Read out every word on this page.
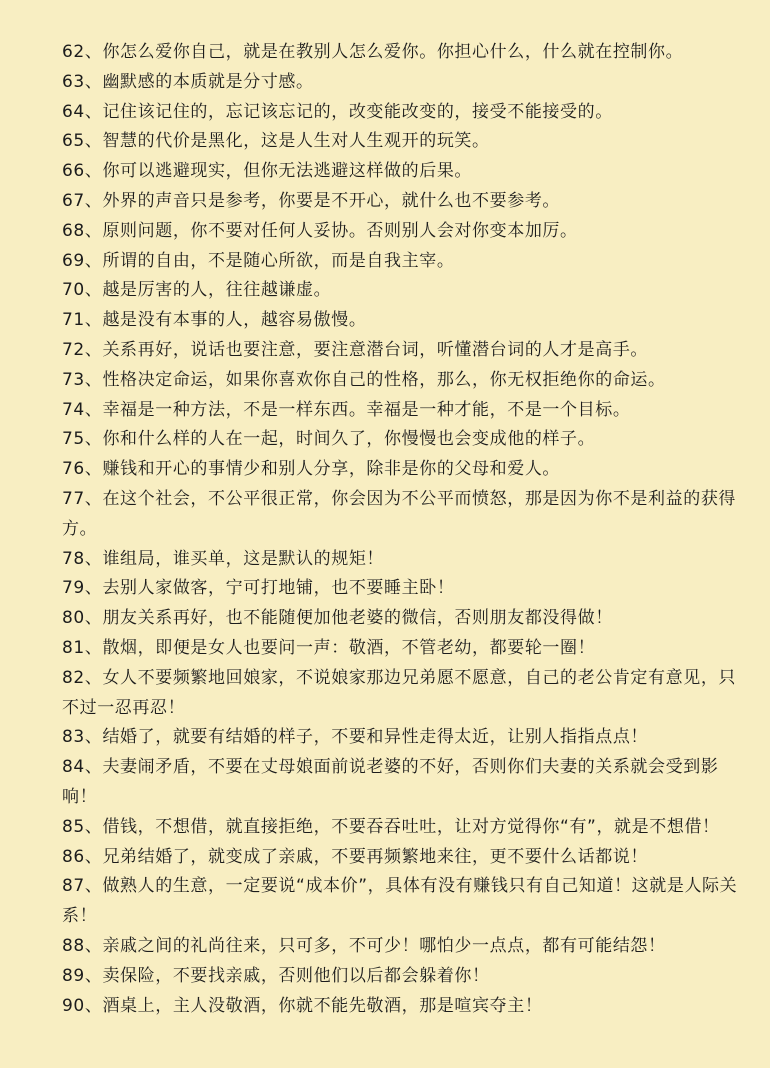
62、你怎么爱你自己，就是在教别人怎么爱你。你担心什么，什么就在控制你。
63、幽默感的本质就是分寸感。
64、记住该记住的，忘记该忘记的，改变能改变的，接受不能接受的。
65、智慧的代价是黑化，这是人生对人生观开的玩笑。
66、你可以逃避现实，但你无法逃避这样做的后果。
67、外界的声音只是参考，你要是不开心，就什么也不要参考。
68、原则问题，你不要对任何人妥协。否则别人会对你变本加厉。
69、所谓的自由，不是随心所欲，而是自我主宰。
70、越是厉害的人，往往越谦虚。
71、越是没有本事的人，越容易傲慢。
72、关系再好，说话也要注意，要注意潜台词，听懂潜台词的人才是高手。
73、性格决定命运，如果你喜欢你自己的性格，那么，你无权拒绝你的命运。
74、幸福是一种方法，不是一样东西。幸福是一种才能，不是一个目标。
75、你和什么样的人在一起，时间久了，你慢慢也会变成他的样子。
76、赚钱和开心的事情少和别人分享，除非是你的父母和爱人。
77、在这个社会，不公平很正常，你会因为不公平而愤怒，那是因为你不是利益的获得方。
78、谁组局，谁买单，这是默认的规矩！
79、去别人家做客，宁可打地铺，也不要睡主卧！
80、朋友关系再好，也不能随便加他老婆的微信，否则朋友都没得做！
81、散烟，即便是女人也要问一声：敬酒，不管老幼，都要轮一圈！
82、女人不要频繁地回娘家，不说娘家那边兄弟愿不愿意，自己的老公肯定有意见，只不过一忍再忍！
83、结婚了，就要有结婚的样子，不要和异性走得太近，让别人指指点点！
84、夫妻闹矛盾，不要在丈母娘面前说老婆的不好，否则你们夫妻的关系就会受到影响！
85、借钱，不想借，就直接拒绝，不要吞吞吐吐，让对方觉得你“有”，就是不想借！
86、兄弟结婚了，就变成了亲戚，不要再频繁地来往，更不要什么话都说！
87、做熟人的生意，一定要说“成本价”，具体有没有赚钱只有自己知道！这就是人际关系！
88、亲戚之间的礼尚往来，只可多，不可少！哪怕少一点点，都有可能结怨！
89、卖保险，不要找亲戚，否则他们以后都会躲着你！
90、酒桌上，主人没敬酒，你就不能先敬酒，那是喧宾夺主！
